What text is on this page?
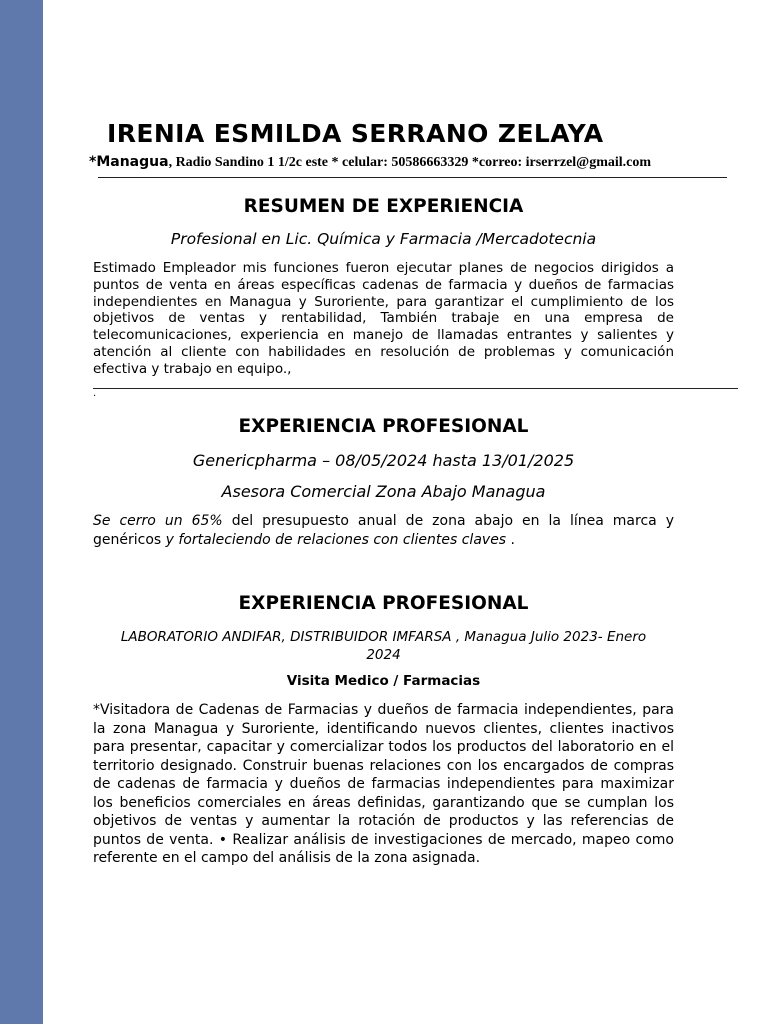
IRENIA ESMILDA SERRANO ZELAYA
*Managua, Radio Sandino 1 1/2c este * celular: 50586663329 *correo: irserrzel@gmail.com
RESUMEN DE EXPERIENCIA
Profesional en Lic. Química y Farmacia /Mercadotecnia
Estimado Empleador mis funciones fueron ejecutar planes de negocios dirigidos a puntos de venta en áreas específicas cadenas de farmacia y dueños de farmacias independientes en Managua y Suroriente, para garantizar el cumplimiento de los objetivos de ventas y rentabilidad, También trabaje en una empresa de telecomunicaciones, experiencia en manejo de llamadas entrantes y salientes y atención al cliente con habilidades en resolución de problemas y comunicación efectiva y trabajo en equipo.,
.
EXPERIENCIA PROFESIONAL
Genericpharma – 08/05/2024 hasta 13/01/2025
Asesora Comercial Zona Abajo Managua
Se cerro un 65% del presupuesto anual de zona abajo en la línea marca y genéricos y fortaleciendo de relaciones con clientes claves .
EXPERIENCIA PROFESIONAL
LABORATORIO ANDIFAR, DISTRIBUIDOR IMFARSA , Managua Julio 2023- Enero 2024
Visita Medico / Farmacias
*Visitadora de Cadenas de Farmacias y dueños de farmacia independientes, para la zona Managua y Suroriente, identificando nuevos clientes, clientes inactivos para presentar, capacitar y comercializar todos los productos del laboratorio en el territorio designado. Construir buenas relaciones con los encargados de compras de cadenas de farmacia y dueños de farmacias independientes para maximizar los beneficios comerciales en áreas definidas, garantizando que se cumplan los objetivos de ventas y aumentar la rotación de productos y las referencias de puntos de venta. • Realizar análisis de investigaciones de mercado, mapeo como referente en el campo del análisis de la zona asignada.
